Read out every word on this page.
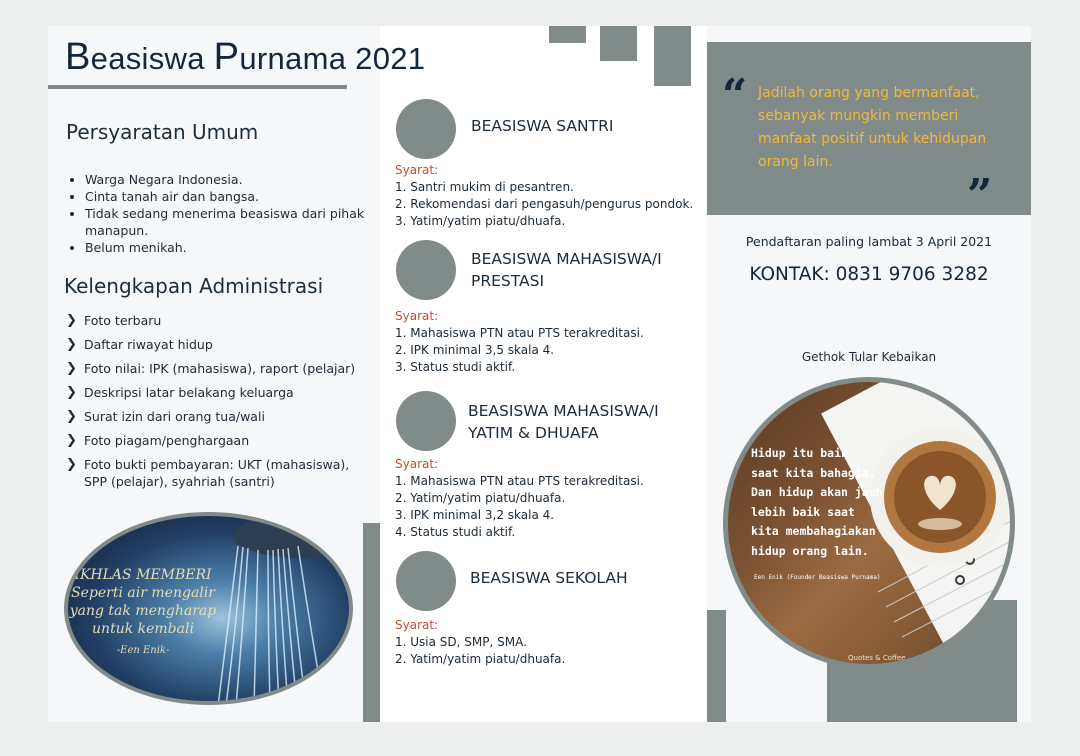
Beasiswa Purnama 2021
Persyaratan Umum
• Warga Negara Indonesia.
• Cinta tanah air dan bangsa.
• Tidak sedang menerima beasiswa dari pihak manapun.
• Belum menikah.
Kelengkapan Administrasi
❯ Foto terbaru
❯ Daftar riwayat hidup
❯ Foto nilai: IPK (mahasiswa), raport (pelajar)
❯ Deskripsi latar belakang keluarga
❯ Surat izin dari orang tua/wali
❯ Foto piagam/penghargaan
❯ Foto bukti pembayaran: UKT (mahasiswa), SPP (pelajar), syahriah (santri)
IKHLAS MEMBERI
Seperti air mengalir
yang tak mengharap
untuk kembali
-Een Enik-
BEASISWA SANTRI
Syarat:
1. Santri mukim di pesantren.
2. Rekomendasi dari pengasuh/pengurus pondok.
3. Yatim/yatim piatu/dhuafa.
BEASISWA MAHASISWA/I
PRESTASI
Syarat:
1. Mahasiswa PTN atau PTS terakreditasi.
2. IPK minimal 3,5 skala 4.
3. Status studi aktif.
BEASISWA MAHASISWA/I
YATIM & DHUAFA
Syarat:
1. Mahasiswa PTN atau PTS terakreditasi.
2. Yatim/yatim piatu/dhuafa.
3. IPK minimal 3,2 skala 4.
4. Status studi aktif.
BEASISWA SEKOLAH
Syarat:
1. Usia SD, SMP, SMA.
2. Yatim/yatim piatu/dhuafa.
“ Jadilah orang yang bermanfaat,
sebanyak mungkin memberi
manfaat positif untuk kehidupan
orang lain.
”
Pendaftaran paling lambat 3 April 2021
KONTAK: 0831 9706 3282
Gethok Tular Kebaikan
Hidup itu baik
saat kita bahagia.
Dan hidup akan jauh
lebih baik saat
kita membahagiakan
hidup orang lain.
Een Enik (Founder Beasiswa Purnama)
Quotes & Coffee
